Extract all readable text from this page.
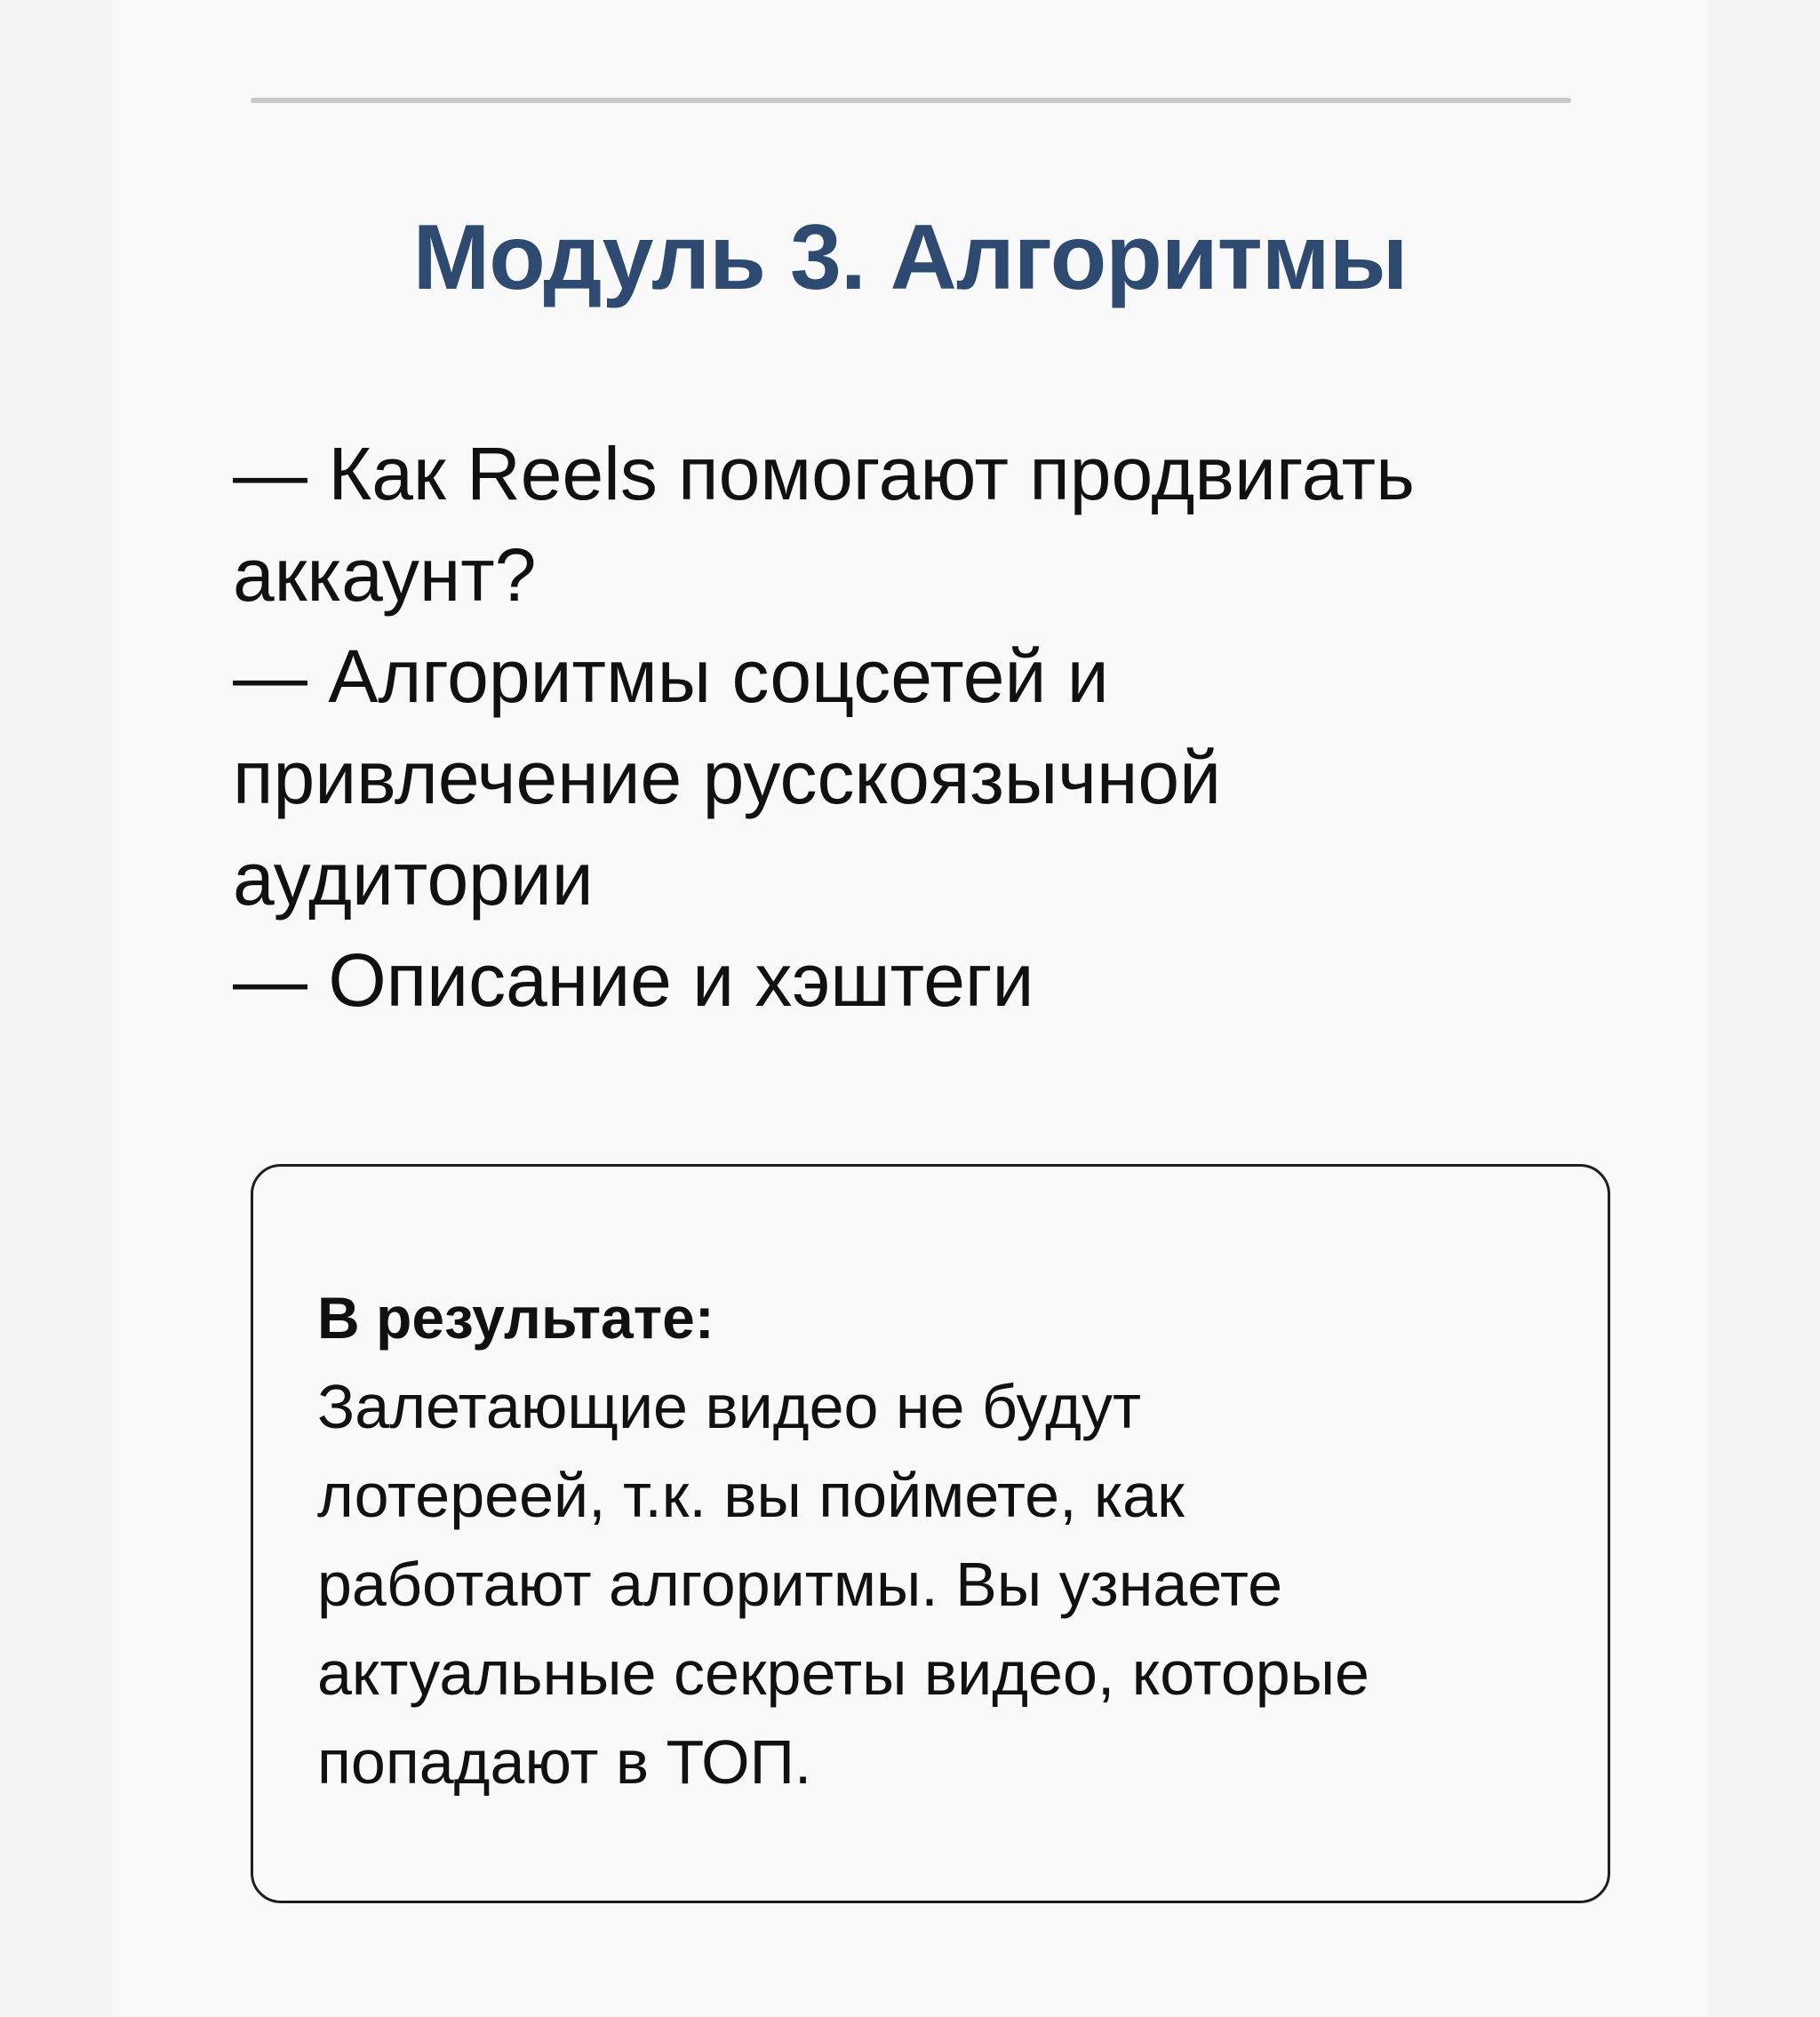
Модуль 3. Алгоритмы
— Как Reels помогают продвигать
аккаунт?
— Алгоритмы соцсетей и
привлечение русскоязычной
аудитории
— Описание и хэштеги
В результате:
Залетающие видео не будут
лотереей, т.к. вы поймете, как
работают алгоритмы. Вы узнаете
актуальные секреты видео, которые
попадают в ТОП.
